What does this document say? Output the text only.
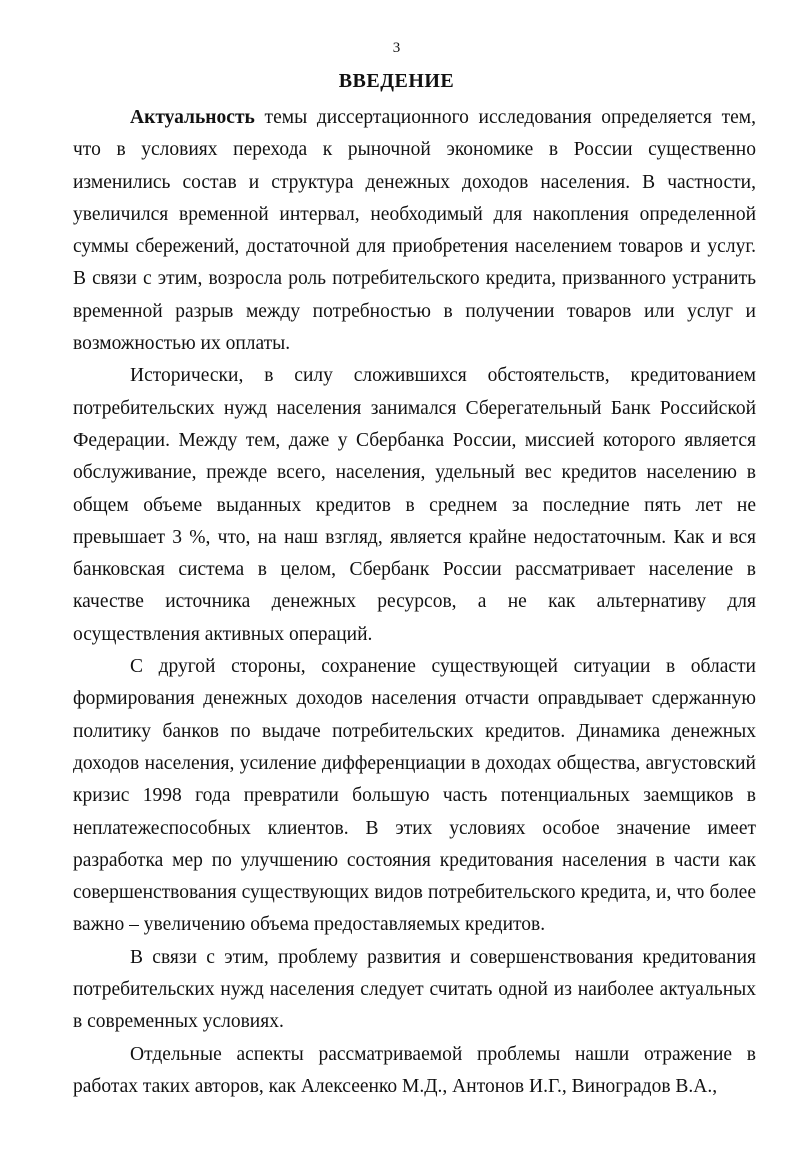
3
ВВЕДЕНИЕ

Актуальность темы диссертационного исследования определяется тем, что в условиях перехода к рыночной экономике в России существенно изменились состав и структура денежных доходов населения. В частности, увеличился временной интервал, необходимый для накопления определенной суммы сбережений, достаточной для приобретения населением товаров и услуг. В связи с этим, возросла роль потребительского кредита, призванного устранить временной разрыв между потребностью в получении товаров или услуг и возможностью их оплаты.

Исторически, в силу сложившихся обстоятельств, кредитованием потребительских нужд населения занимался Сберегательный Банк Российской Федерации. Между тем, даже у Сбербанка России, миссией которого является обслуживание, прежде всего, населения, удельный вес кредитов населению в общем объеме выданных кредитов в среднем за последние пять лет не превышает 3 %, что, на наш взгляд, является крайне недостаточным. Как и вся банковская система в целом, Сбербанк России рассматривает население в качестве источника денежных ресурсов, а не как альтернативу для осуществления активных операций.

С другой стороны, сохранение существующей ситуации в области формирования денежных доходов населения отчасти оправдывает сдержанную политику банков по выдаче потребительских кредитов. Динамика денежных доходов населения, усиление дифференциации в доходах общества, августовский кризис 1998 года превратили большую часть потенциальных заемщиков в неплатежеспособных клиентов. В этих условиях особое значение имеет разработка мер по улучшению состояния кредитования населения в части как совершенствования существующих видов потребительского кредита, и, что более важно – увеличению объема предоставляемых кредитов.

В связи с этим, проблему развития и совершенствования кредитования потребительских нужд населения следует считать одной из наиболее актуальных в современных условиях.

Отдельные аспекты рассматриваемой проблемы нашли отражение в работах таких авторов, как Алексеенко М.Д., Антонов И.Г., Виноградов В.А.,
